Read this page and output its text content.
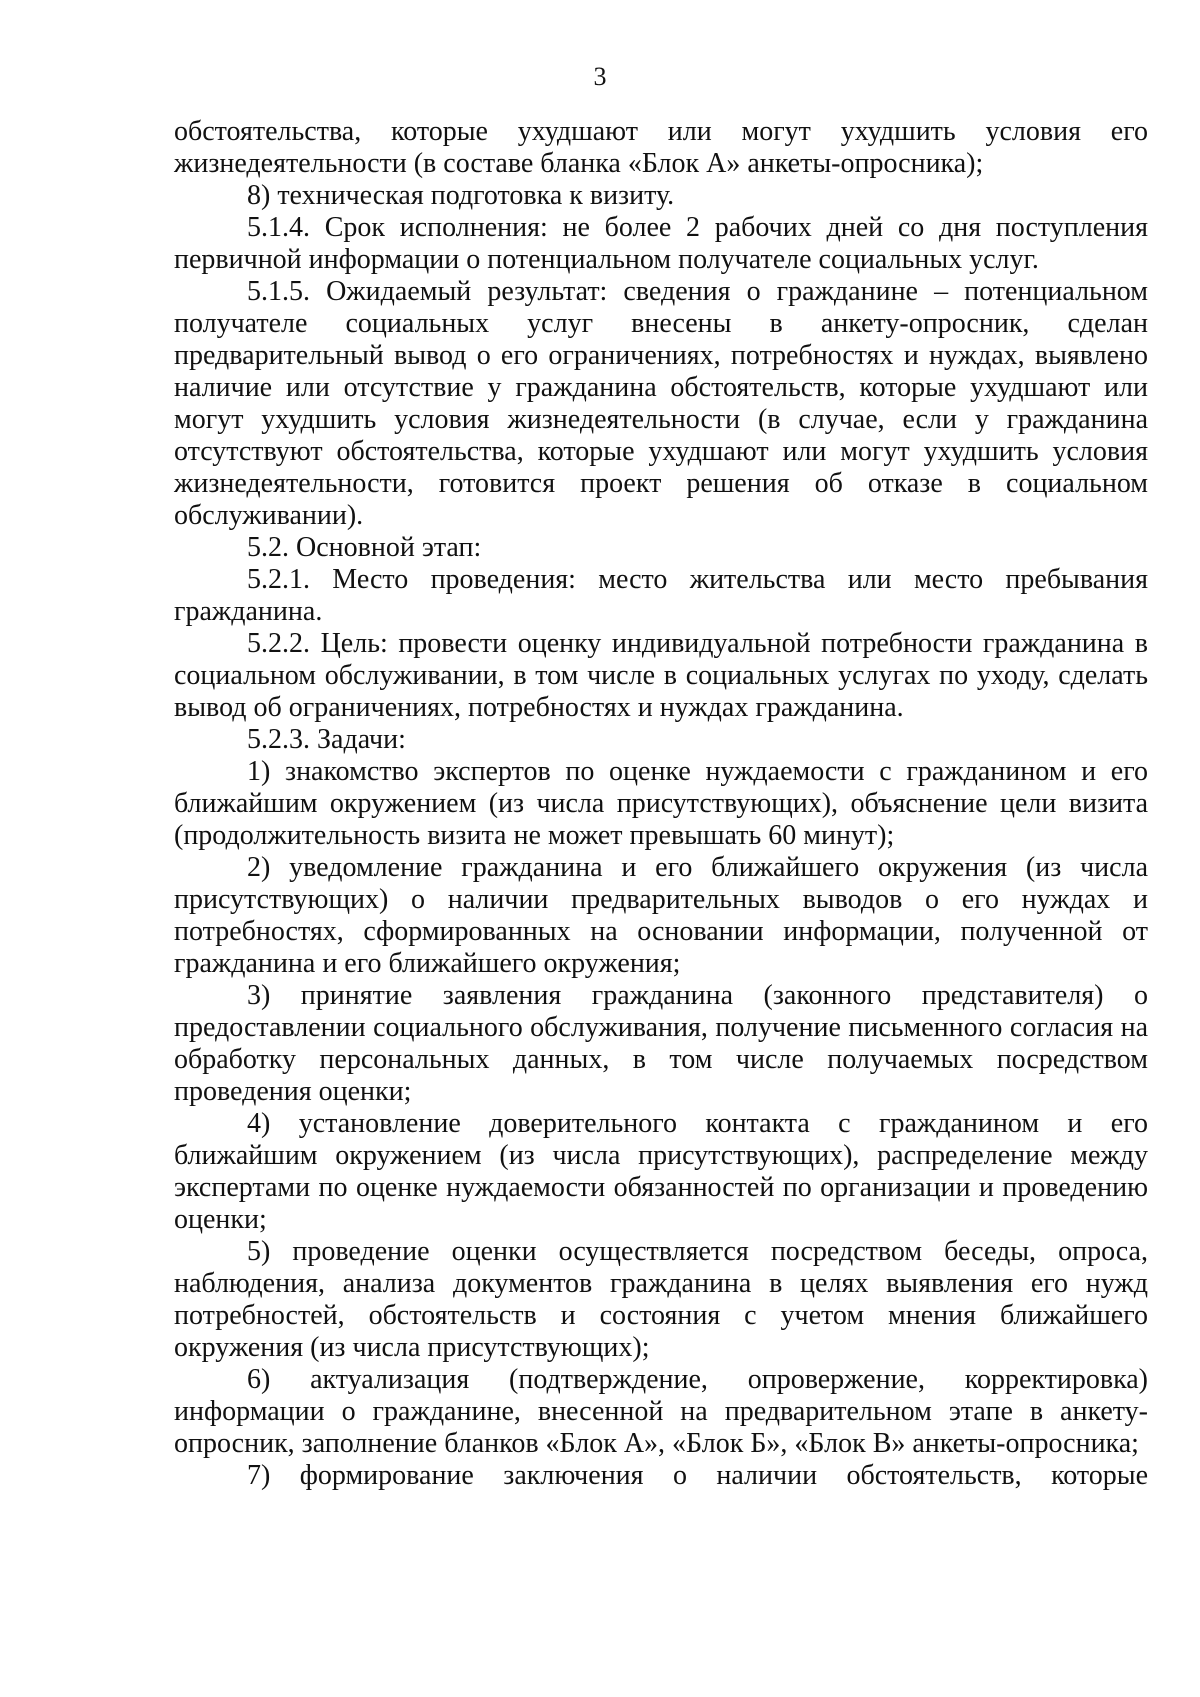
3

обстоятельства, которые ухудшают или могут ухудшить условия его жизнедеятельности (в составе бланка «Блок А» анкеты-опросника);

8) техническая подготовка к визиту.

5.1.4. Срок исполнения: не более 2 рабочих дней со дня поступления первичной информации о потенциальном получателе социальных услуг.

5.1.5. Ожидаемый результат: сведения о гражданине – потенциальном получателе социальных услуг внесены в анкету-опросник, сделан предварительный вывод о его ограничениях, потребностях и нуждах, выявлено наличие или отсутствие у гражданина обстоятельств, которые ухудшают или могут ухудшить условия жизнедеятельности (в случае, если у гражданина отсутствуют обстоятельства, которые ухудшают или могут ухудшить условия жизнедеятельности, готовится проект решения об отказе в социальном обслуживании).

5.2. Основной этап:

5.2.1. Место проведения: место жительства или место пребывания гражданина.

5.2.2. Цель: провести оценку индивидуальной потребности гражданина в социальном обслуживании, в том числе в социальных услугах по уходу, сделать вывод об ограничениях, потребностях и нуждах гражданина.

5.2.3. Задачи:

1) знакомство экспертов по оценке нуждаемости с гражданином и его ближайшим окружением (из числа присутствующих), объяснение цели визита (продолжительность визита не может превышать 60 минут);

2) уведомление гражданина и его ближайшего окружения (из числа присутствующих) о наличии предварительных выводов о его нуждах и потребностях, сформированных на основании информации, полученной от гражданина и его ближайшего окружения;

3) принятие заявления гражданина (законного представителя) о предоставлении социального обслуживания, получение письменного согласия на обработку персональных данных, в том числе получаемых посредством проведения оценки;

4) установление доверительного контакта с гражданином и его ближайшим окружением (из числа присутствующих), распределение между экспертами по оценке нуждаемости обязанностей по организации и проведению оценки;

5) проведение оценки осуществляется посредством беседы, опроса, наблюдения, анализа документов гражданина в целях выявления его нужд потребностей, обстоятельств и состояния с учетом мнения ближайшего окружения (из числа присутствующих);

6) актуализация (подтверждение, опровержение, корректировка) информации о гражданине, внесенной на предварительном этапе в анкету-опросник, заполнение бланков «Блок А», «Блок Б», «Блок В» анкеты-опросника;

7) формирование заключения о наличии обстоятельств, которые
